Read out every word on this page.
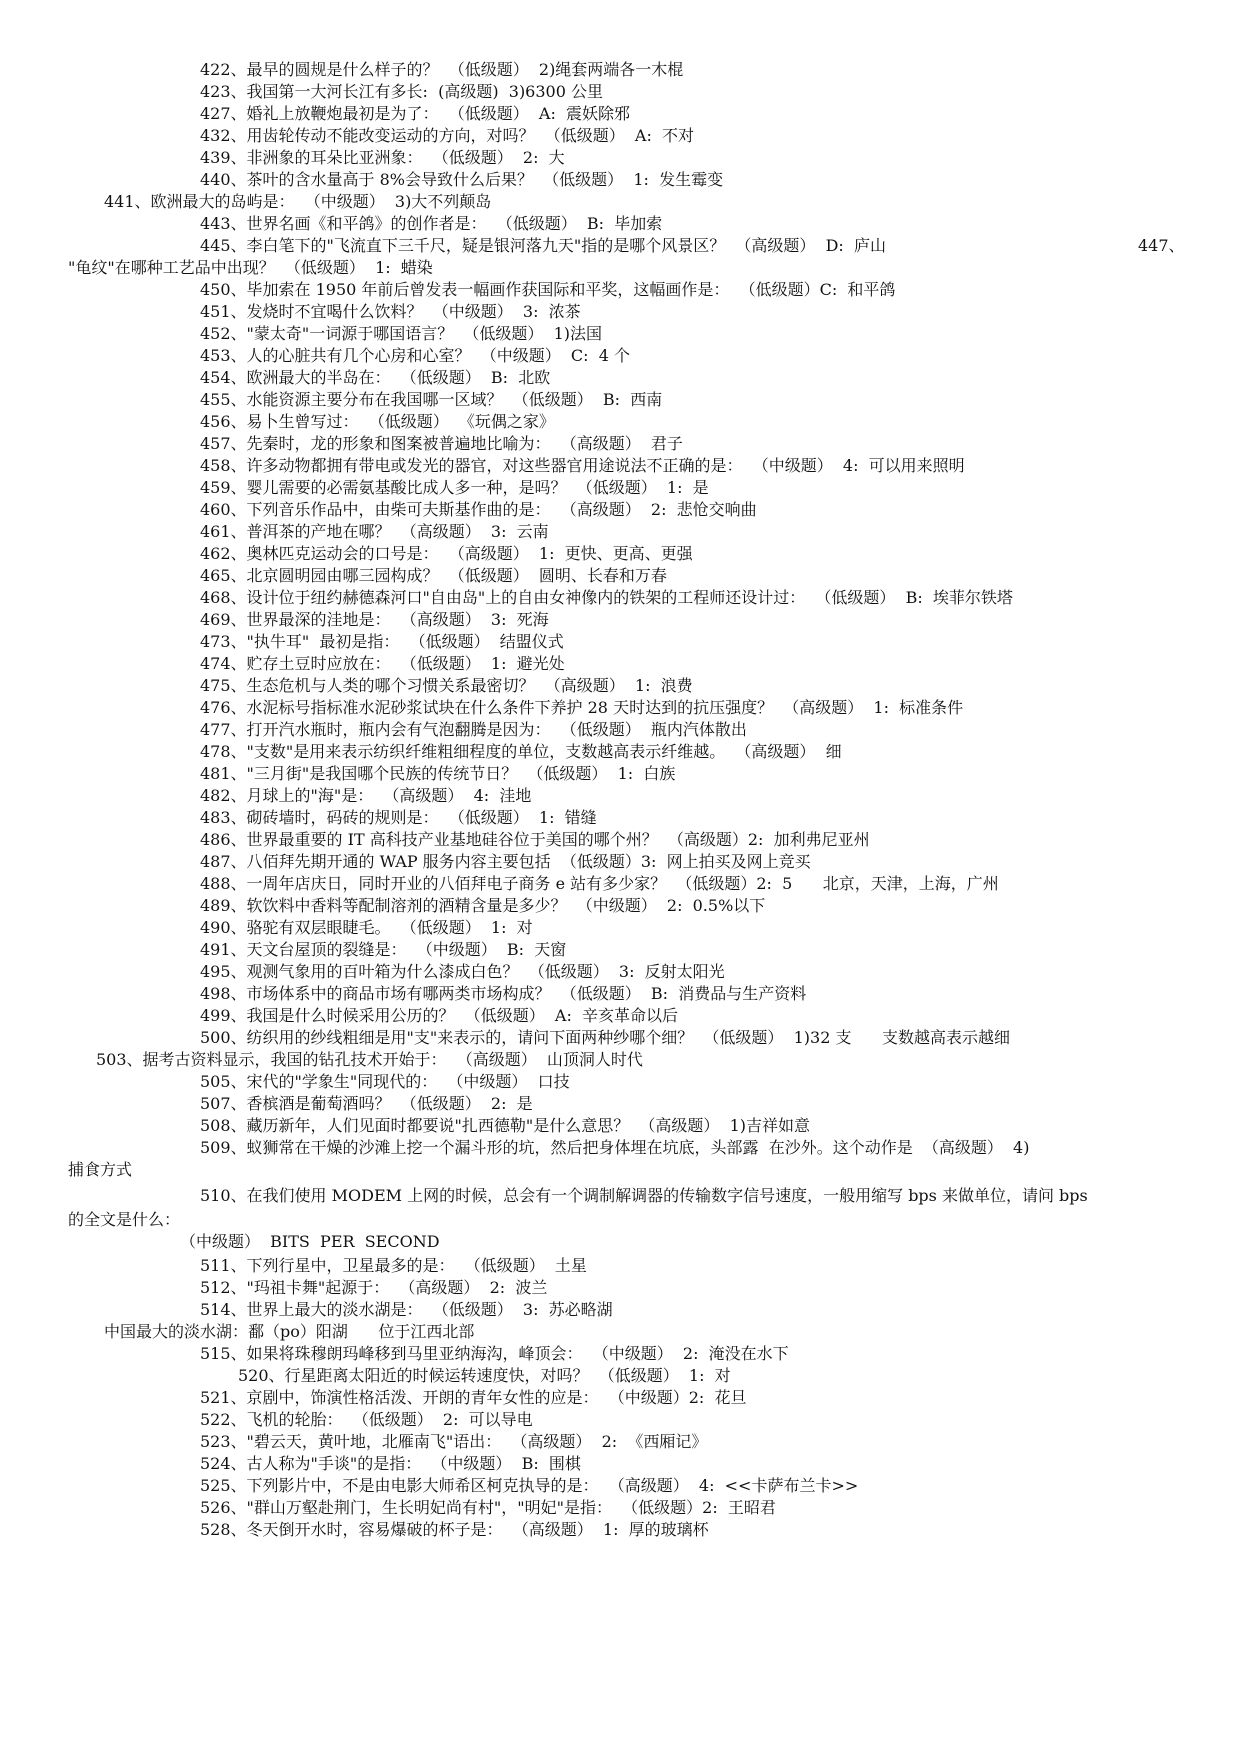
422、最早的圆规是什么样子的？  （低级题）  2)绳套两端各一木棍
423、我国第一大河长江有多长:  (高级题)  3)6300 公里
427、婚礼上放鞭炮最初是为了：  （低级题）  A:  震妖除邪
432、用齿轮传动不能改变运动的方向，对吗？  （低级题）  A:  不对
439、非洲象的耳朵比亚洲象：  （低级题）  2:  大
440、茶叶的含水量高于 8%会导致什么后果？  （低级题）  1:  发生霉变
441、欧洲最大的岛屿是：  （中级题）  3)大不列颠岛
443、世界名画《和平鸽》的创作者是：  （低级题）  B:  毕加索
445、李白笔下的"飞流直下三千尺，疑是银河落九天"指的是哪个风景区？  （高级题）  D:  庐山	447、
"龟纹"在哪种工艺品中出现？  （低级题）  1:  蜡染
450、毕加索在 1950 年前后曾发表一幅画作获国际和平奖，这幅画作是：  （低级题）C:  和平鸽
451、发烧时不宜喝什么饮料？  （中级题）  3:  浓茶
452、"蒙太奇"一词源于哪国语言？  （低级题）  1)法国
453、人的心脏共有几个心房和心室？  （中级题）  C:  4 个
454、欧洲最大的半岛在：  （低级题）  B:  北欧
455、水能资源主要分布在我国哪一区域？  （低级题）  B:  西南
456、易卜生曾写过：  （低级题）  《玩偶之家》
457、先秦时，龙的形象和图案被普遍地比喻为：  （高级题）  君子
458、许多动物都拥有带电或发光的器官，对这些器官用途说法不正确的是：  （中级题）  4:  可以用来照明
459、婴儿需要的必需氨基酸比成人多一种，是吗？  （低级题）  1:  是
460、下列音乐作品中，由柴可夫斯基作曲的是：  （高级题）  2:  悲怆交响曲
461、普洱茶的产地在哪？  （高级题）  3:  云南
462、奥林匹克运动会的口号是：  （高级题）  1:  更快、更高、更强
465、北京圆明园由哪三园构成？  （低级题）  圆明、长春和万春
468、设计位于纽约赫德森河口"自由岛"上的自由女神像内的铁架的工程师还设计过：  （低级题）  B:  埃菲尔铁塔
469、世界最深的洼地是：  （高级题）  3:  死海
473、"执牛耳"  最初是指：  （低级题）  结盟仪式
474、贮存土豆时应放在：  （低级题）  1:  避光处
475、生态危机与人类的哪个习惯关系最密切？  （高级题）  1:  浪费
476、水泥标号指标准水泥砂浆试块在什么条件下养护 28 天时达到的抗压强度？  （高级题）  1:  标准条件
477、打开汽水瓶时，瓶内会有气泡翻腾是因为：  （低级题）  瓶内汽体散出
478、"支数"是用来表示纺织纤维粗细程度的单位，支数越高表示纤维越。  （高级题）  细
481、"三月街"是我国哪个民族的传统节日？  （低级题）  1:  白族
482、月球上的"海"是：  （高级题）  4:  洼地
483、砌砖墙时，码砖的规则是：  （低级题）  1:  错缝
486、世界最重要的 IT 高科技产业基地硅谷位于美国的哪个州？  （高级题）2:  加利弗尼亚州
487、八佰拜先期开通的 WAP 服务内容主要包括  （低级题）3:  网上拍买及网上竞买
488、一周年店庆日，同时开业的八佰拜电子商务 e 站有多少家？  （低级题）2:  5      北京，天津，上海，广州
489、软饮料中香料等配制溶剂的酒精含量是多少？  （中级题）  2:  0.5%以下
490、骆驼有双层眼睫毛。  （低级题）  1:  对
491、天文台屋顶的裂缝是：  （中级题）  B:  天窗
495、观测气象用的百叶箱为什么漆成白色？  （低级题）  3:  反射太阳光
498、市场体系中的商品市场有哪两类市场构成？  （低级题）  B:  消费品与生产资料
499、我国是什么时候采用公历的？  （低级题）  A:  辛亥革命以后
500、纺织用的纱线粗细是用"支"来表示的，请问下面两种纱哪个细？  （低级题）  1)32 支      支数越高表示越细
503、据考古资料显示，我国的钻孔技术开始于：  （高级题）  山顶洞人时代
505、宋代的"学象生"同现代的：  （中级题）  口技
507、香槟酒是葡萄酒吗？  （低级题）  2:  是
508、藏历新年，人们见面时都要说"扎西德勒"是什么意思？  （高级题）  1)吉祥如意
509、蚁狮常在干燥的沙滩上挖一个漏斗形的坑，然后把身体埋在坑底，头部露  在沙外。这个动作是  （高级题）  4)
捕食方式
510、在我们使用 MODEM 上网的时候，总会有一个调制解调器的传输数字信号速度，一般用缩写 bps 来做单位，请问 bps
的全文是什么：
（中级题）  BITS  PER  SECOND
511、下列行星中，卫星最多的是：  （低级题）  土星
512、"玛祖卡舞"起源于：  （高级题）  2:  波兰
514、世界上最大的淡水湖是：  （低级题）  3:  苏必略湖
中国最大的淡水湖：鄱（po）阳湖      位于江西北部
515、如果将珠穆朗玛峰移到马里亚纳海沟，峰顶会：  （中级题）  2:  淹没在水下
520、行星距离太阳近的时候运转速度快，对吗？  （低级题）  1:  对
521、京剧中，饰演性格活泼、开朗的青年女性的应是：  （中级题）2:  花旦
522、飞机的轮胎：  （低级题）  2:  可以导电
523、"碧云天，黄叶地，北雁南飞"语出：  （高级题）  2:  《西厢记》
524、古人称为"手谈"的是指：  （中级题）  B:  围棋
525、下列影片中，不是由电影大师希区柯克执导的是：  （高级题）  4:  <<卡萨布兰卡>>
526、"群山万壑赴荆门，生长明妃尚有村"，"明妃"是指：  （低级题）2:  王昭君
528、冬天倒开水时，容易爆破的杯子是：  （高级题）  1:  厚的玻璃杯
